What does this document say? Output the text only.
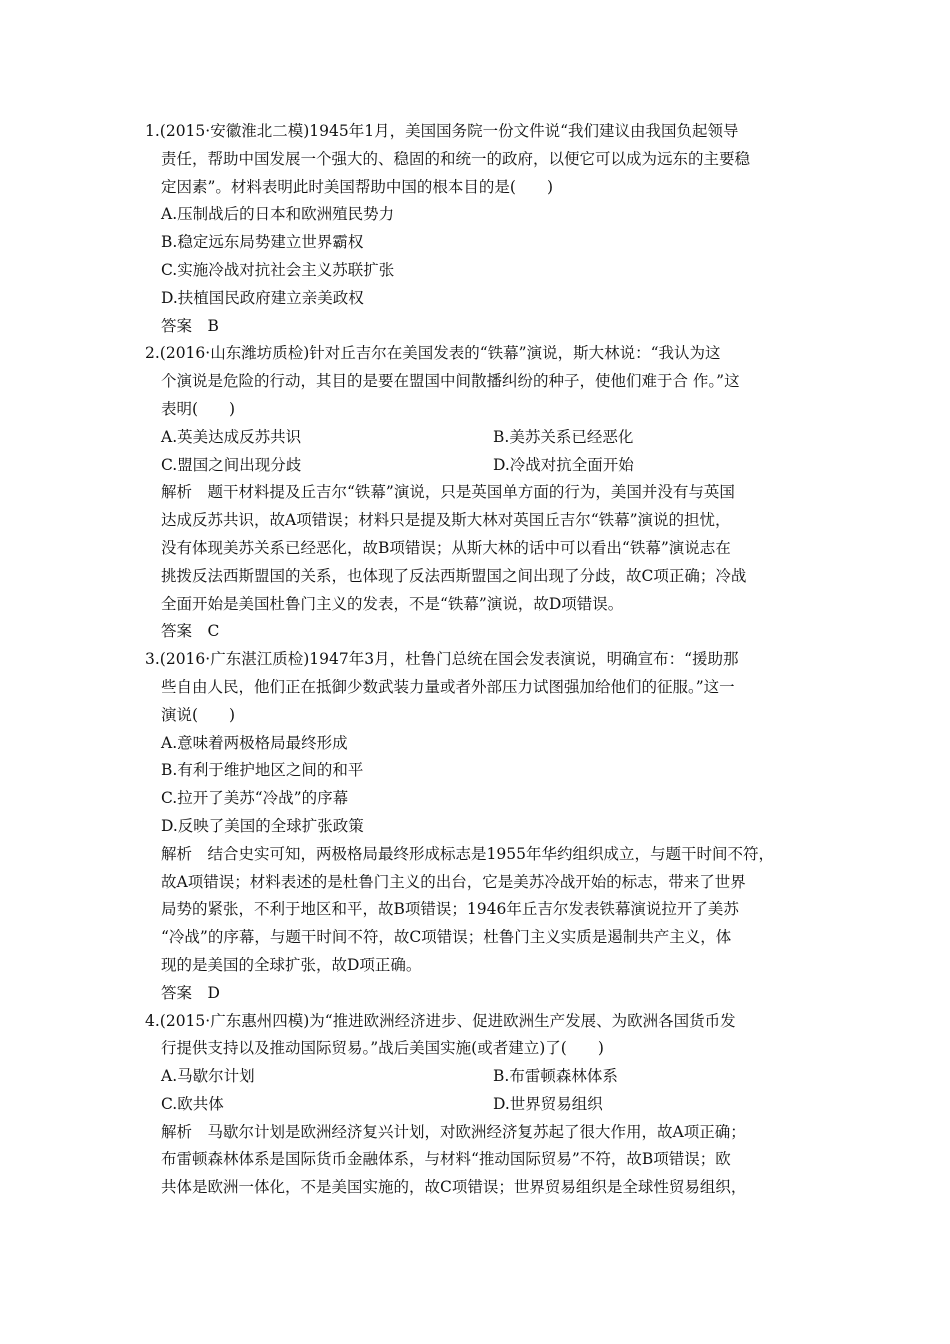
1.(2015·安徽淮北二模)1945年1月，美国国务院一份文件说“我们建议由我国负起领导
责任，帮助中国发展一个强大的、稳固的和统一的政府，以便它可以成为远东的主要稳
定因素”。材料表明此时美国帮助中国的根本目的是(　　)
A.压制战后的日本和欧洲殖民势力
B.稳定远东局势建立世界霸权
C.实施冷战对抗社会主义苏联扩张
D.扶植国民政府建立亲美政权
答案　B
2.(2016·山东潍坊质检)针对丘吉尔在美国发表的“铁幕”演说，斯大林说：“我认为这
个演说是危险的行动，其目的是要在盟国中间散播纠纷的种子，使他们难于合 作。”这
表明(　　)
A.英美达成反苏共识	B.美苏关系已经恶化
C.盟国之间出现分歧	D.冷战对抗全面开始
解析　题干材料提及丘吉尔“铁幕”演说，只是英国单方面的行为，美国并没有与英国
达成反苏共识，故A项错误；材料只是提及斯大林对英国丘吉尔“铁幕”演说的担忧，
没有体现美苏关系已经恶化，故B项错误；从斯大林的话中可以看出“铁幕”演说志在
挑拨反法西斯盟国的关系，也体现了反法西斯盟国之间出现了分歧，故C项正确；冷战
全面开始是美国杜鲁门主义的发表，不是“铁幕”演说，故D项错误。
答案　C
3.(2016·广东湛江质检)1947年3月，杜鲁门总统在国会发表演说，明确宣布：“援助那
些自由人民，他们正在抵御少数武装力量或者外部压力试图强加给他们的征服。”这一
演说(　　)
A.意味着两极格局最终形成
B.有利于维护地区之间的和平
C.拉开了美苏“冷战”的序幕
D.反映了美国的全球扩张政策
解析　结合史实可知，两极格局最终形成标志是1955年华约组织成立，与题干时间不符，
故A项错误；材料表述的是杜鲁门主义的出台，它是美苏冷战开始的标志，带来了世界
局势的紧张，不利于地区和平，故B项错误；1946年丘吉尔发表铁幕演说拉开了美苏
“冷战”的序幕，与题干时间不符，故C项错误；杜鲁门主义实质是遏制共产主义，体
现的是美国的全球扩张，故D项正确。
答案　D
4.(2015·广东惠州四模)为“推进欧洲经济进步、促进欧洲生产发展、为欧洲各国货币发
行提供支持以及推动国际贸易。”战后美国实施(或者建立)了(　　)
A.马歇尔计划	B.布雷顿森林体系
C.欧共体	D.世界贸易组织
解析　马歇尔计划是欧洲经济复兴计划，对欧洲经济复苏起了很大作用，故A项正确；
布雷顿森林体系是国际货币金融体系，与材料“推动国际贸易”不符，故B项错误；欧
共体是欧洲一体化，不是美国实施的，故C项错误；世界贸易组织是全球性贸易组织，
